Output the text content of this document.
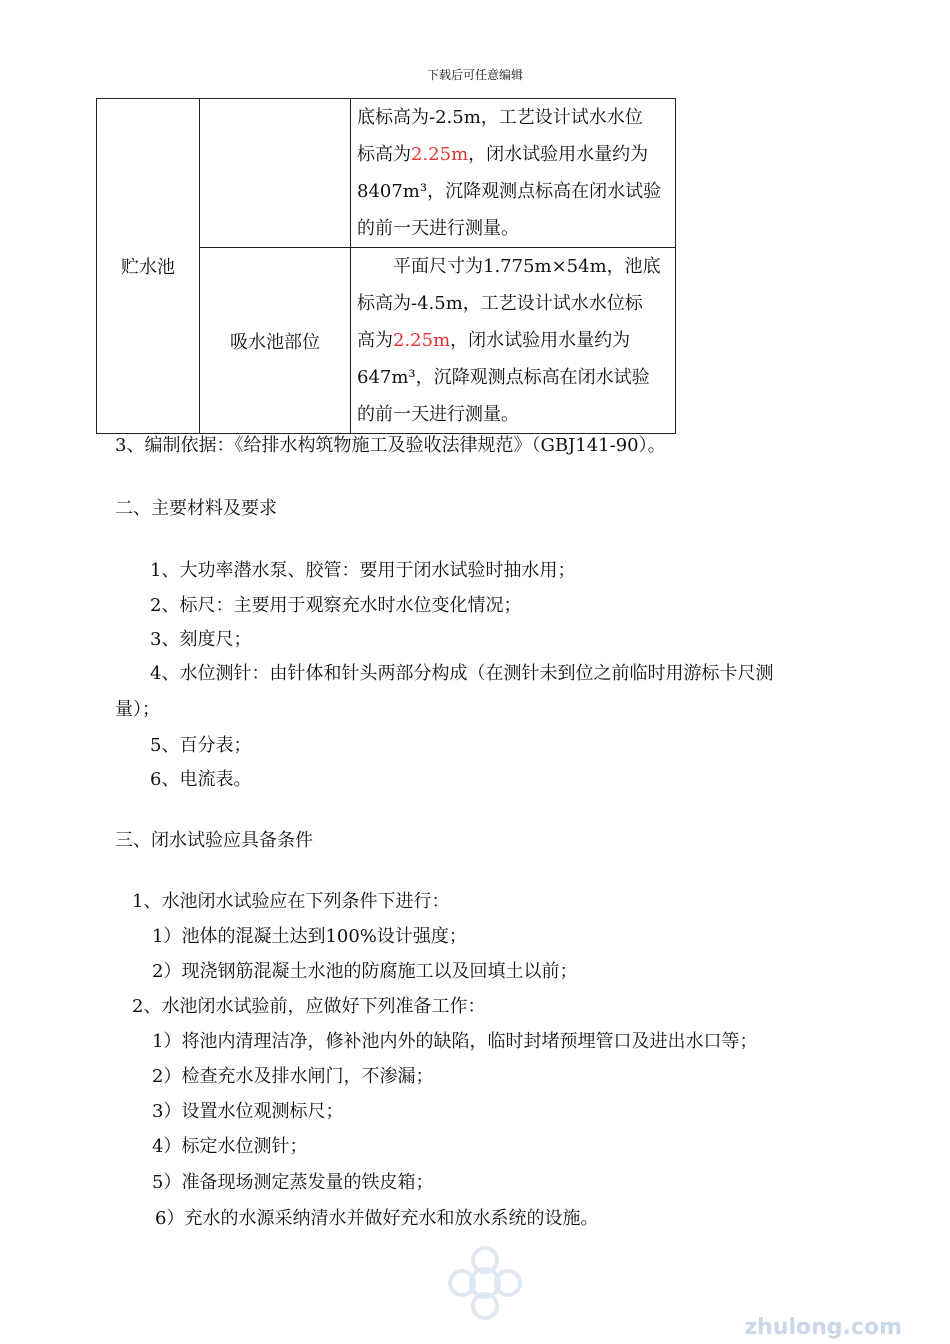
下载后可任意编辑
贮水池		底标高为-2.5m，工艺设计试水水位
标高为2.25m，闭水试验用水量约为
8407m³，沉降观测点标高在闭水试验
的前一天进行测量。

	吸水池部位	　　平面尺寸为1.775m×54m，池底
标高为-4.5m，工艺设计试水水位标
高为2.25m，闭水试验用水量约为
647m³，沉降观测点标高在闭水试验
的前一天进行测量。
3、编制依据：《给排水构筑物施工及验收法律规范》（GBJ141-90）。
二、主要材料及要求
1、大功率潜水泵、胶管：要用于闭水试验时抽水用；
2、标尺：主要用于观察充水时水位变化情况；
3、刻度尺；
4、水位测针：由针体和针头两部分构成（在测针未到位之前临时用游标卡尺测
量）；
5、百分表；
6、电流表。
三、闭水试验应具备条件
1、水池闭水试验应在下列条件下进行：
1）池体的混凝土达到100%设计强度；
2）现浇钢筋混凝土水池的防腐施工以及回填土以前；
2、水池闭水试验前，应做好下列准备工作：
1）将池内清理洁净，修补池内外的缺陷，临时封堵预埋管口及进出水口等；
2）检查充水及排水闸门，不渗漏；
3）设置水位观测标尺；
4）标定水位测针；
5）准备现场测定蒸发量的铁皮箱；
6）充水的水源采纳清水并做好充水和放水系统的设施。
zhulong.com
